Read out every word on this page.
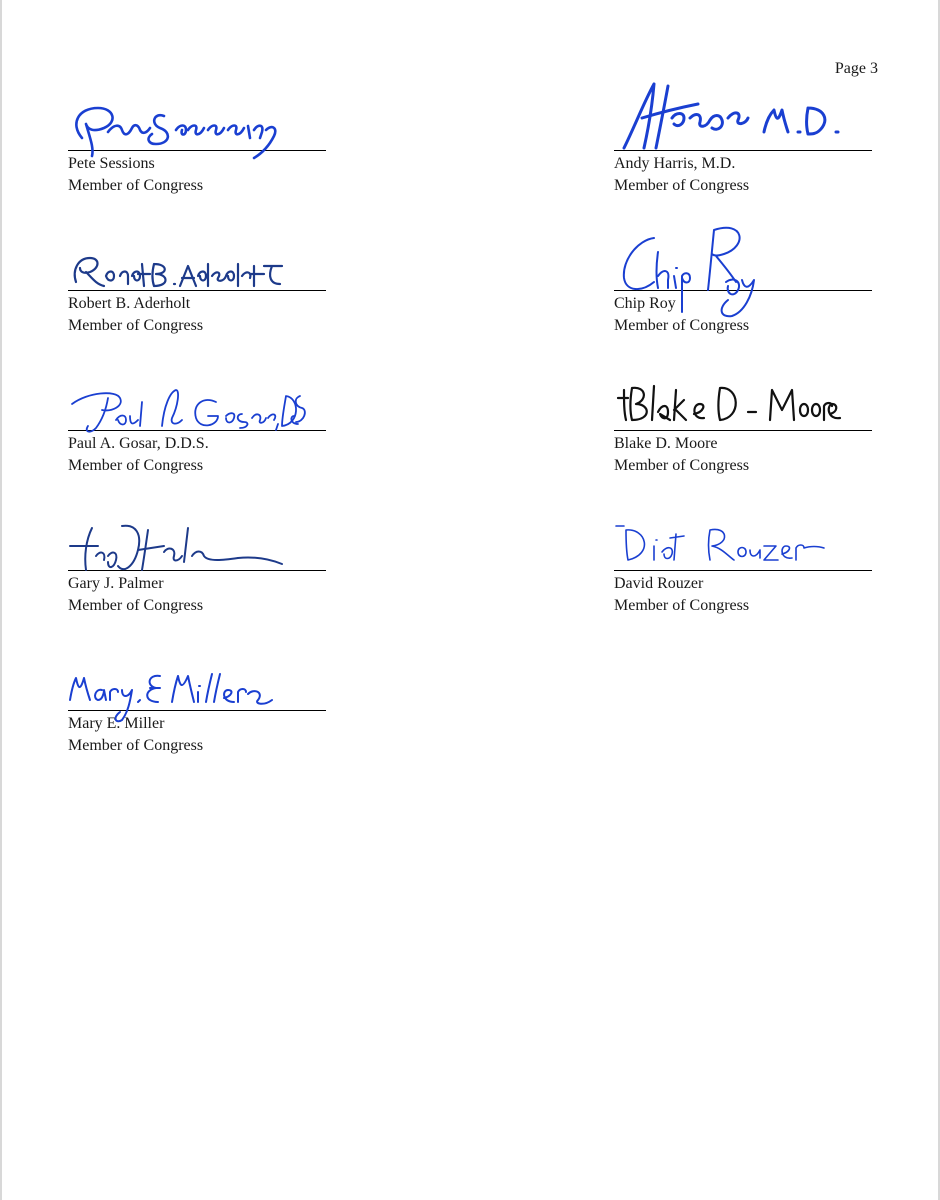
Page 3
Pete Sessions
Member of Congress
Andy Harris, M.D.
Member of Congress
Robert B. Aderholt
Member of Congress
Chip Roy
Member of Congress
Paul A. Gosar, D.D.S.
Member of Congress
Blake D. Moore
Member of Congress
Gary J. Palmer
Member of Congress
David Rouzer
Member of Congress
Mary E. Miller
Member of Congress
